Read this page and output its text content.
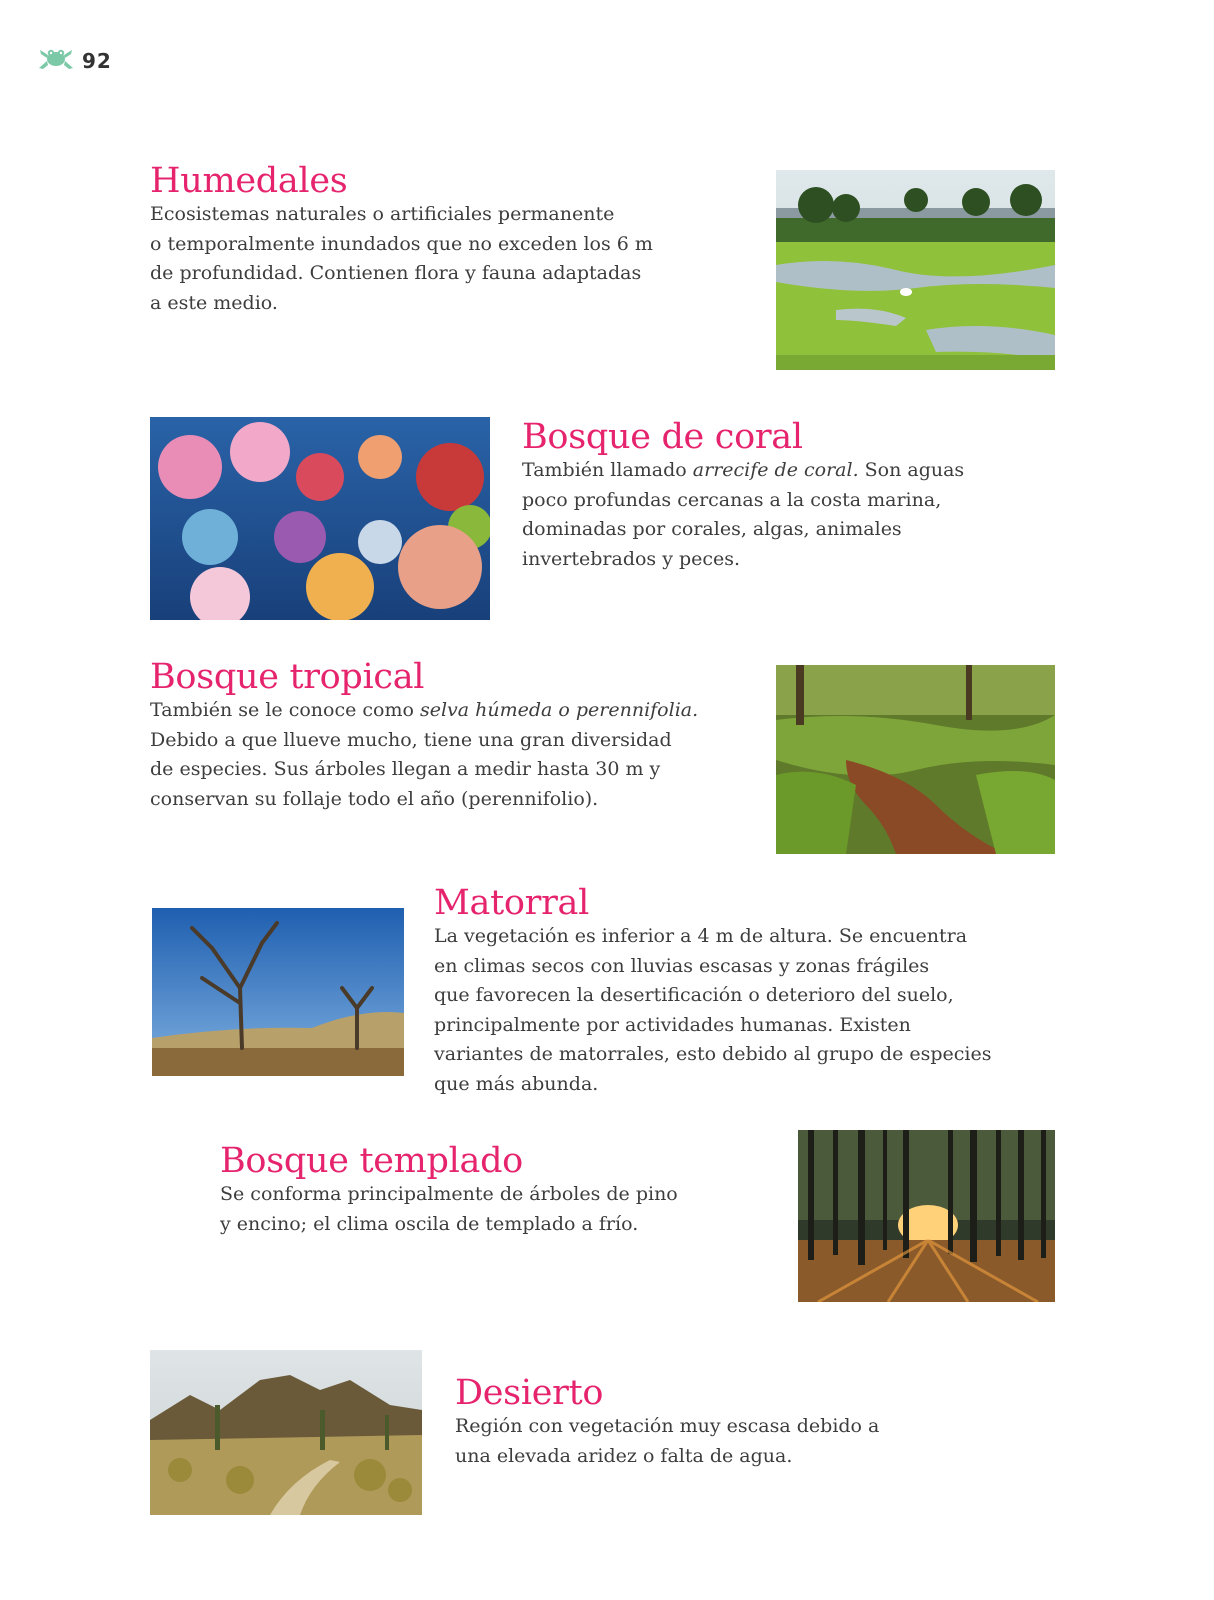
92
Humedales

Ecosistemas naturales o artificiales permanente

o temporalmente inundados que no exceden los 6 m

de profundidad. Contienen flora y fauna adaptadas

a este medio.

Bosque de coral

También llamado arrecife de coral. Son aguas

poco profundas cercanas a la costa marina,

dominadas por corales, algas, animales

invertebrados y peces.

Bosque tropical

También se le conoce como selva húmeda o perennifolia.

Debido a que llueve mucho, tiene una gran diversidad

de especies. Sus árboles llegan a medir hasta 30 m y

conservan su follaje todo el año (perennifolio).

Matorral

La vegetación es inferior a 4 m de altura. Se encuentra

en climas secos con lluvias escasas y zonas frágiles

que favorecen la desertificación o deterioro del suelo,

principalmente por actividades humanas. Existen

variantes de matorrales, esto debido al grupo de especies

que más abunda.

Bosque templado

Se conforma principalmente de árboles de pino

y encino; el clima oscila de templado a frío.

Desierto

Región con vegetación muy escasa debido a

una elevada aridez o falta de agua.
